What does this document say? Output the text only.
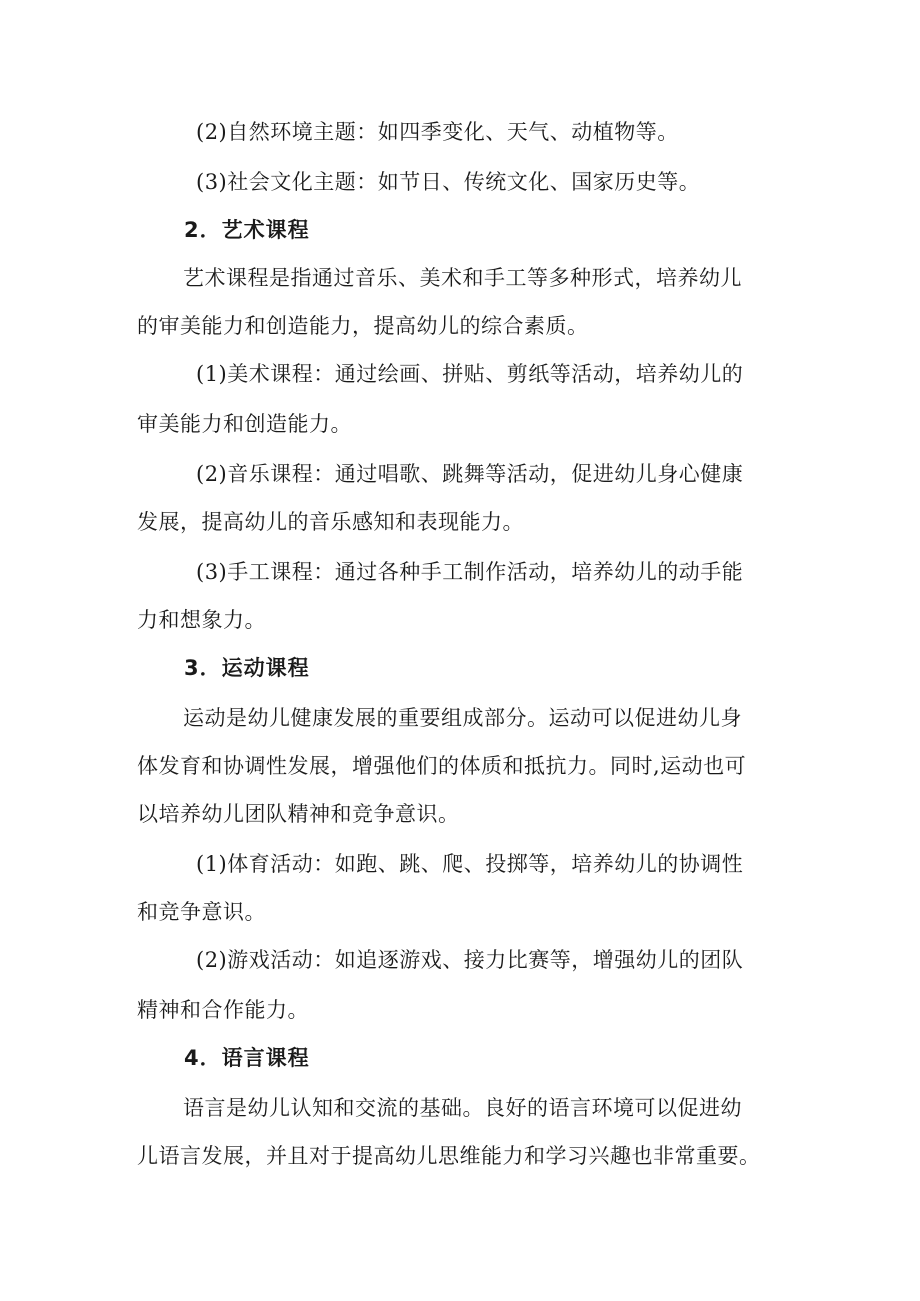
(2)自然环境主题：如四季变化、天气、动植物等。
(3)社会文化主题：如节日、传统文化、国家历史等。
2．艺术课程
艺术课程是指通过音乐、美术和手工等多种形式，培养幼儿
的审美能力和创造能力，提高幼儿的综合素质。
(1)美术课程：通过绘画、拼贴、剪纸等活动，培养幼儿的
审美能力和创造能力。
(2)音乐课程：通过唱歌、跳舞等活动，促进幼儿身心健康
发展，提高幼儿的音乐感知和表现能力。
(3)手工课程：通过各种手工制作活动，培养幼儿的动手能
力和想象力。
3．运动课程
运动是幼儿健康发展的重要组成部分。运动可以促进幼儿身
体发育和协调性发展，增强他们的体质和抵抗力。同时,运动也可
以培养幼儿团队精神和竞争意识。
(1)体育活动：如跑、跳、爬、投掷等，培养幼儿的协调性
和竞争意识。
(2)游戏活动：如追逐游戏、接力比赛等，增强幼儿的团队
精神和合作能力。
4．语言课程
语言是幼儿认知和交流的基础。良好的语言环境可以促进幼
儿语言发展，并且对于提高幼儿思维能力和学习兴趣也非常重要。
